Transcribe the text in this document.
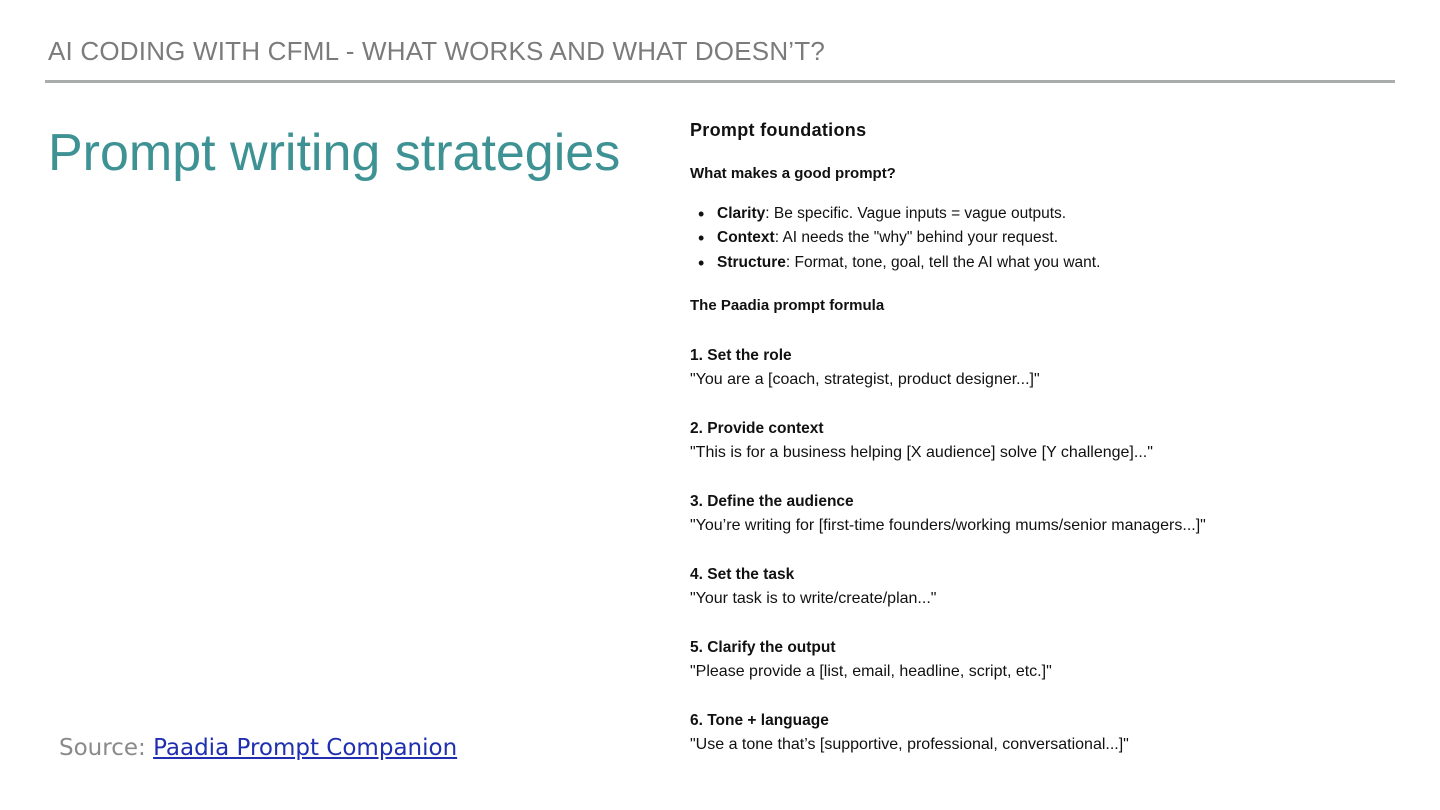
AI CODING WITH CFML - WHAT WORKS AND WHAT DOESN’T?
Prompt writing strategies	Prompt foundations
What makes a good prompt?
• Clarity: Be specific. Vague inputs = vague outputs.
• Context: AI needs the "why" behind your request.
• Structure: Format, tone, goal, tell the AI what you want.
The Paadia prompt formula
1. Set the role
"You are a [coach, strategist, product designer...]"
2. Provide context
"This is for a business helping [X audience] solve [Y challenge]..."
3. Define the audience
"You’re writing for [first-time founders/working mums/senior managers...]"
4. Set the task
"Your task is to write/create/plan..."
5. Clarify the output
"Please provide a [list, email, headline, script, etc.]"
6. Tone + language
"Use a tone that’s [supportive, professional, conversational...]"
Source: Paadia Prompt Companion
